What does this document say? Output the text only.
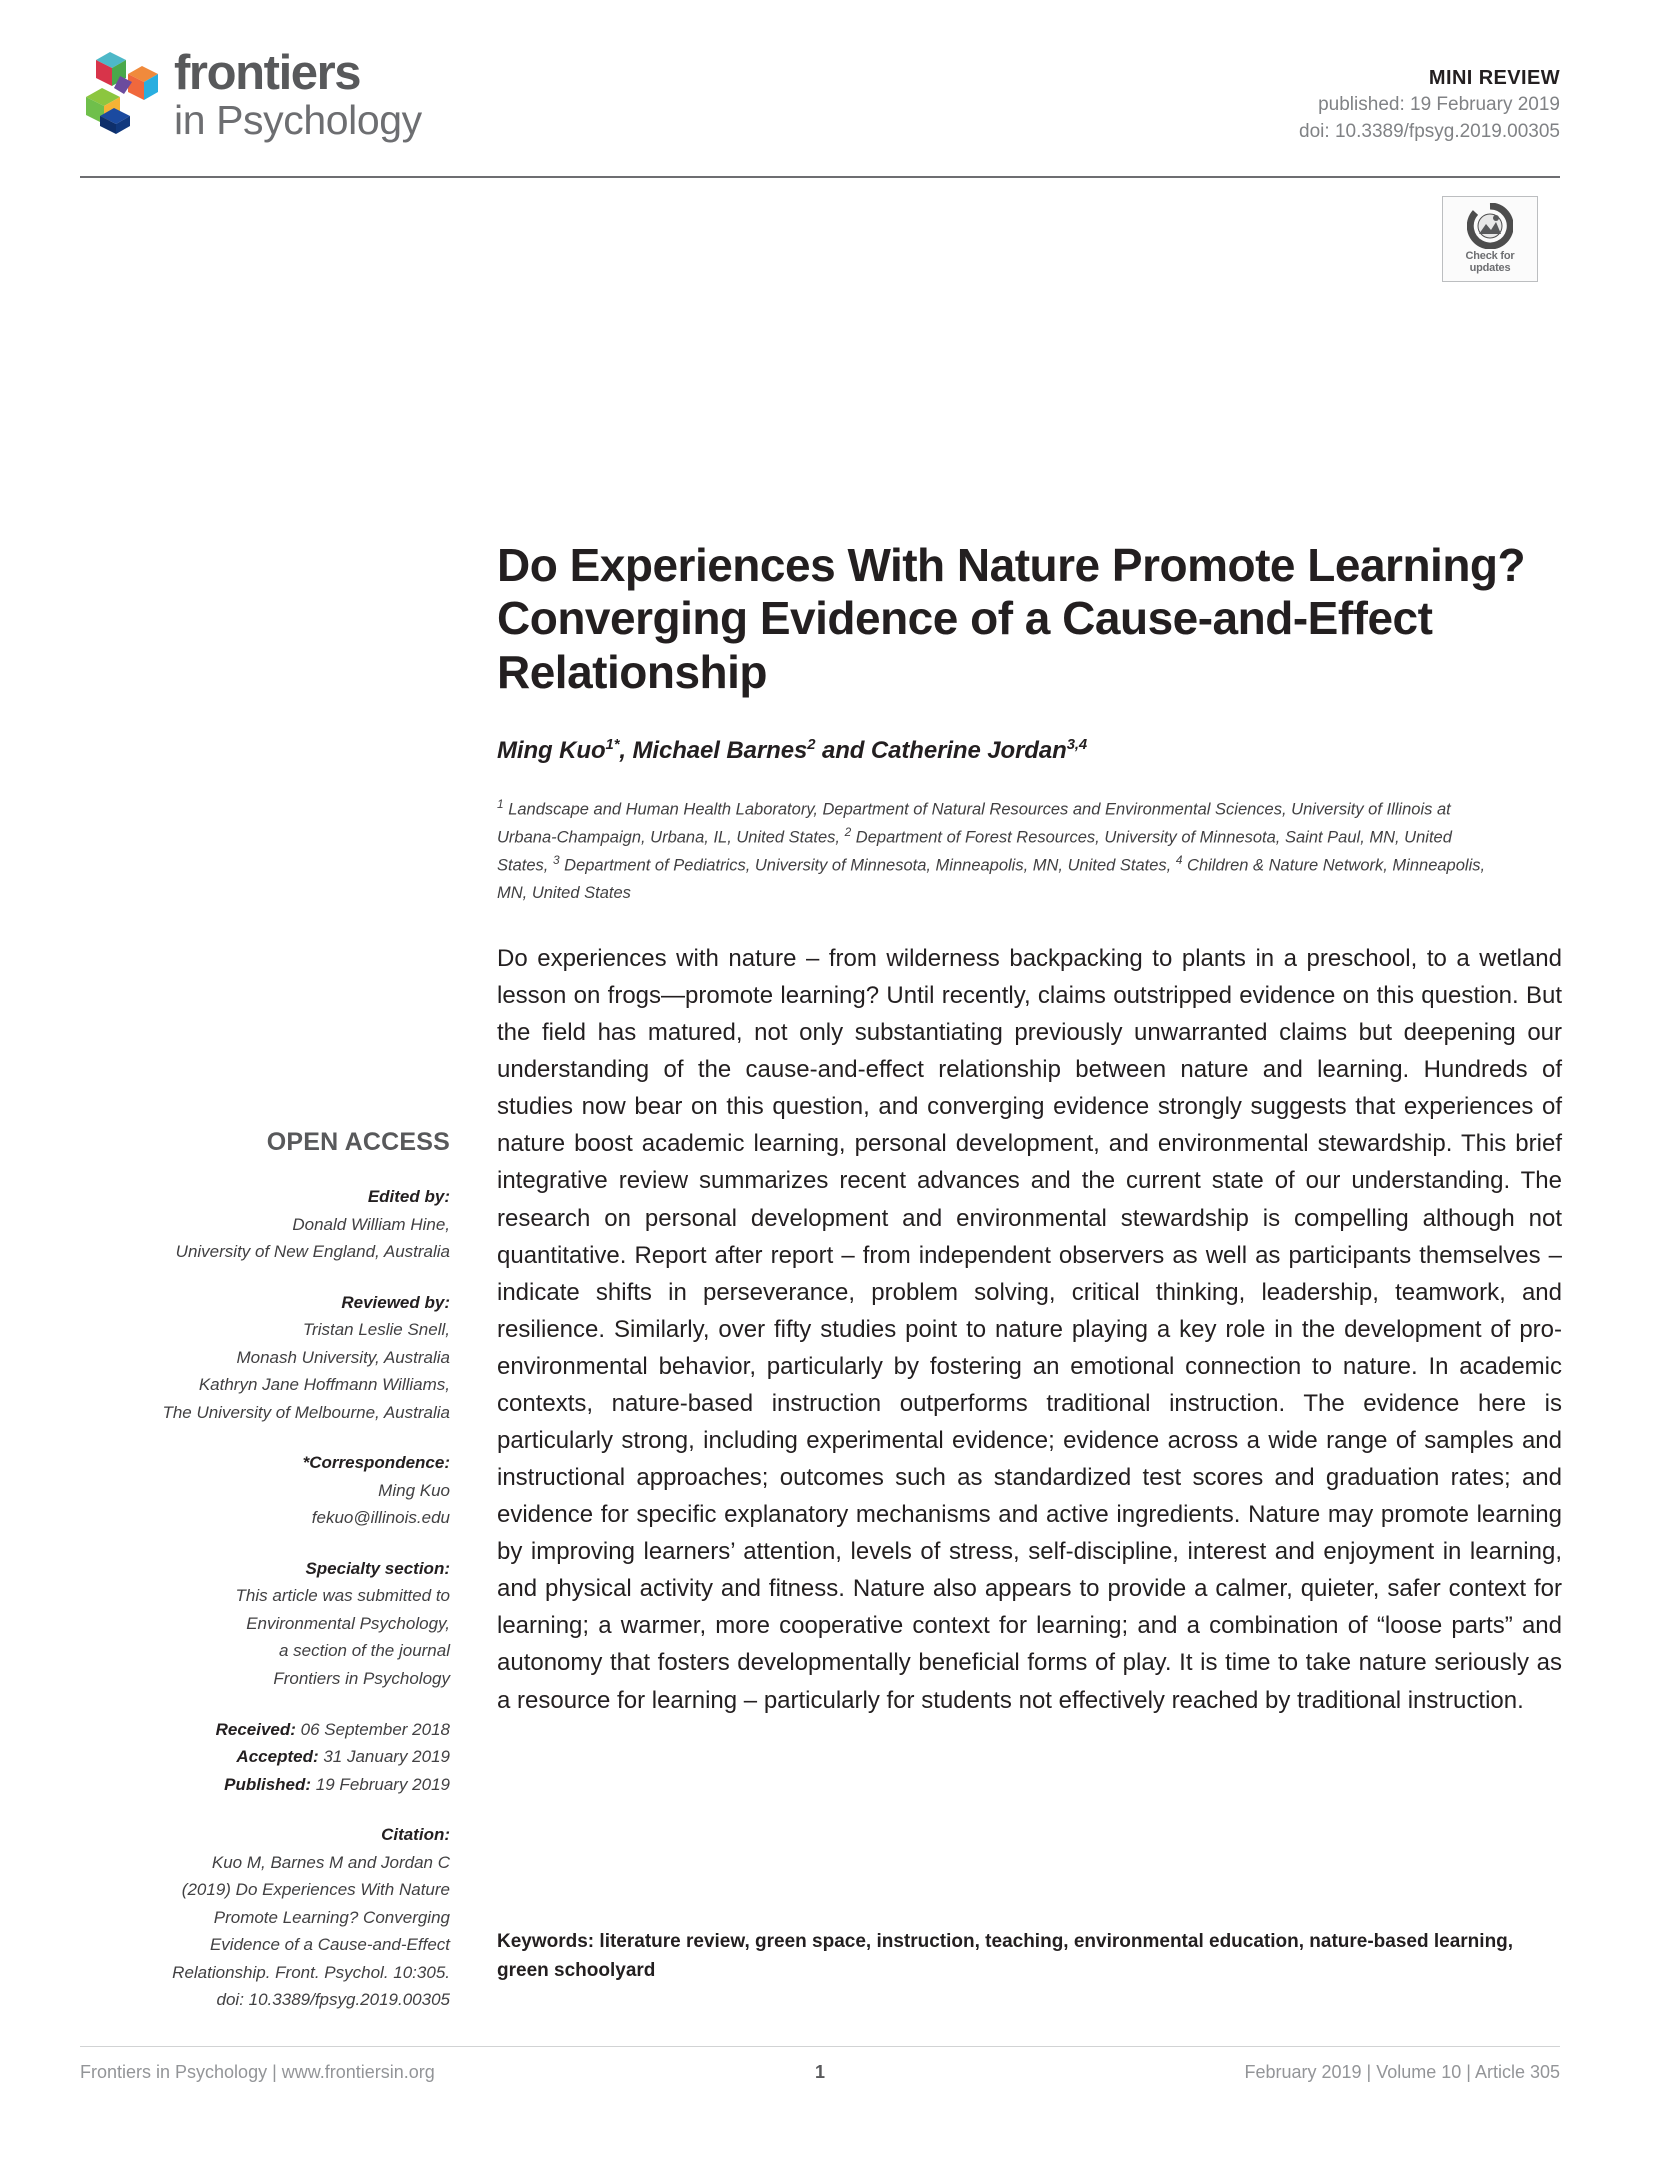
frontiers
in Psychology
MINI REVIEW
published: 19 February 2019
doi: 10.3389/fpsyg.2019.00305
Check for
updates
Do Experiences With Nature Promote Learning? Converging Evidence of a Cause-and-Effect Relationship
Ming Kuo$^{1*}$, Michael Barnes$^2$ and Catherine Jordan$^{3,4}$
$^1$ Landscape and Human Health Laboratory, Department of Natural Resources and Environmental Sciences, University of Illinois at Urbana-Champaign, Urbana, IL, United States, $^2$ Department of Forest Resources, University of Minnesota, Saint Paul, MN, United States, $^3$ Department of Pediatrics, University of Minnesota, Minneapolis, MN, United States, $^4$ Children & Nature Network, Minneapolis, MN, United States
OPEN ACCESS
Edited by:
Donald William Hine,
University of New England, Australia
Reviewed by:
Tristan Leslie Snell,
Monash University, Australia
Kathryn Jane Hoffmann Williams,
The University of Melbourne, Australia
*Correspondence:
Ming Kuo
fekuo@illinois.edu
Specialty section:
This article was submitted to
Environmental Psychology,
a section of the journal
Frontiers in Psychology
Received: 06 September 2018
Accepted: 31 January 2019
Published: 19 February 2019
Citation:
Kuo M, Barnes M and Jordan C
(2019) Do Experiences With Nature
Promote Learning? Converging
Evidence of a Cause-and-Effect
Relationship. Front. Psychol. 10:305.
doi: 10.3389/fpsyg.2019.00305
Do experiences with nature – from wilderness backpacking to plants in a preschool, to a wetland lesson on frogs—promote learning? Until recently, claims outstripped evidence on this question. But the field has matured, not only substantiating previously unwarranted claims but deepening our understanding of the cause-and-effect relationship between nature and learning. Hundreds of studies now bear on this question, and converging evidence strongly suggests that experiences of nature boost academic learning, personal development, and environmental stewardship. This brief integrative review summarizes recent advances and the current state of our understanding. The research on personal development and environmental stewardship is compelling although not quantitative. Report after report – from independent observers as well as participants themselves – indicate shifts in perseverance, problem solving, critical thinking, leadership, teamwork, and resilience. Similarly, over fifty studies point to nature playing a key role in the development of pro-environmental behavior, particularly by fostering an emotional connection to nature. In academic contexts, nature-based instruction outperforms traditional instruction. The evidence here is particularly strong, including experimental evidence; evidence across a wide range of samples and instructional approaches; outcomes such as standardized test scores and graduation rates; and evidence for specific explanatory mechanisms and active ingredients. Nature may promote learning by improving learners’ attention, levels of stress, self-discipline, interest and enjoyment in learning, and physical activity and fitness. Nature also appears to provide a calmer, quieter, safer context for learning; a warmer, more cooperative context for learning; and a combination of “loose parts” and autonomy that fosters developmentally beneficial forms of play. It is time to take nature seriously as a resource for learning – particularly for students not effectively reached by traditional instruction.
Keywords: literature review, green space, instruction, teaching, environmental education, nature-based learning, green schoolyard
Frontiers in Psychology | www.frontiersin.org	1	February 2019 | Volume 10 | Article 305
